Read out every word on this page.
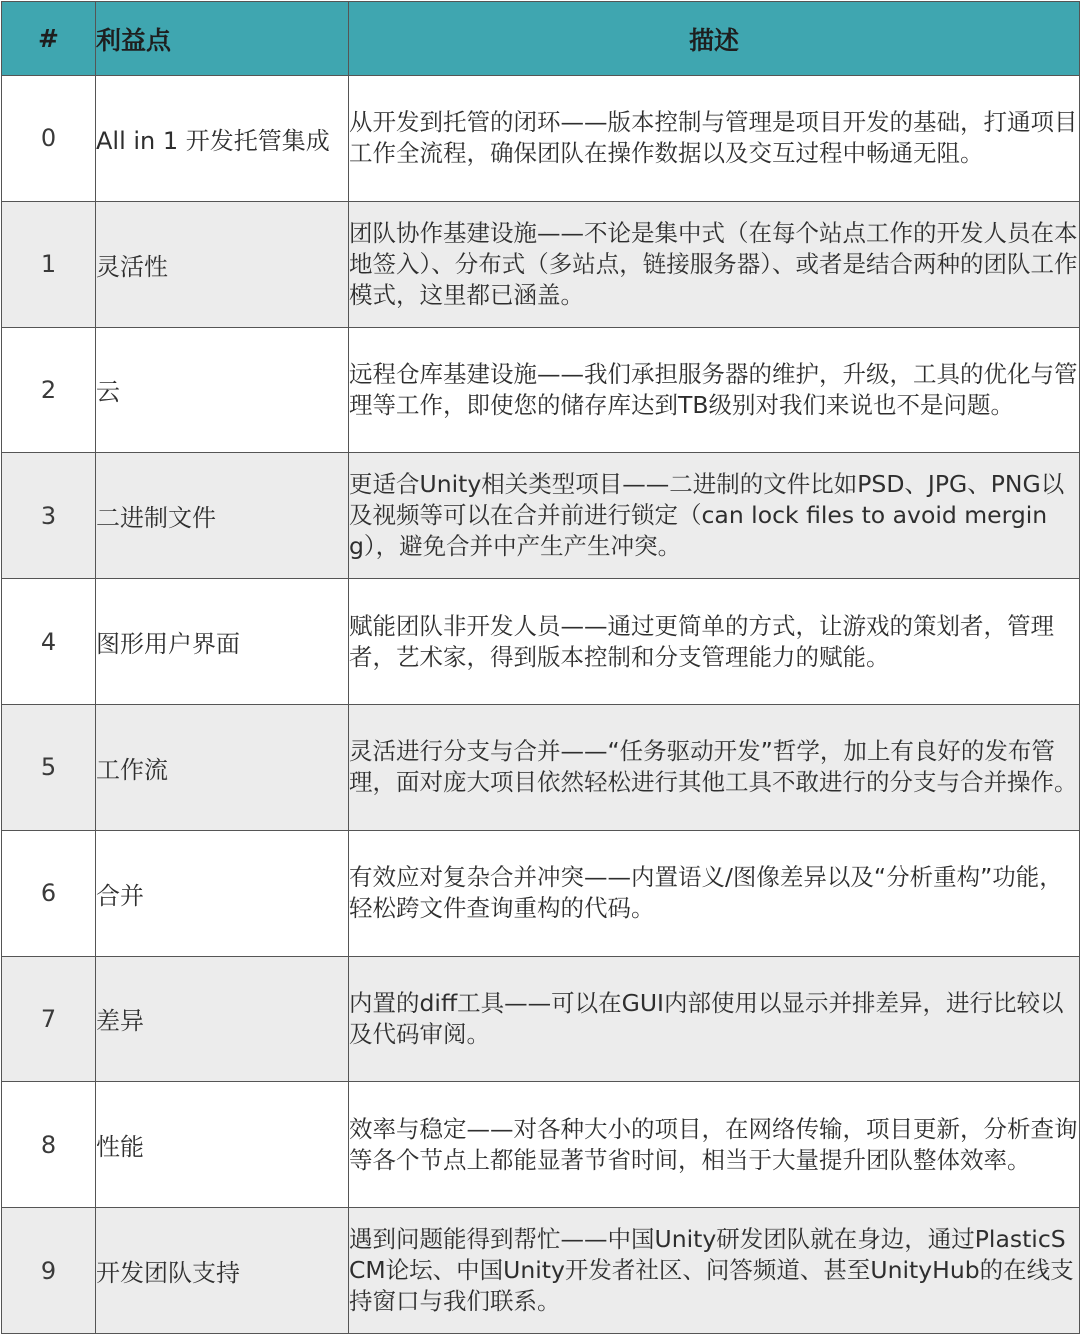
#	利益点	描述
0	All in 1 开发托管集成	从开发到托管的闭环——版本控制与管理是项目开发的基础，打通项目工作全流程，确保团队在操作数据以及交互过程中畅通无阻。

1	灵活性	团队协作基建设施——不论是集中式（在每个站点工作的开发人员在本地签入）、分布式（多站点，链接服务器）、或者是结合两种的团队工作模式，这里都已涵盖。

2	云	远程仓库基建设施——我们承担服务器的维护，升级，工具的优化与管理等工作，即使您的储存库达到TB级别对我们来说也不是问题。

3	二进制文件	更适合Unity相关类型项目——二进制的文件比如PSD、JPG、PNG以及视频等可以在合并前进行锁定（can lock files to avoid merging），避免合并中产生产生冲突。

4	图形用户界面	赋能团队非开发人员——通过更简单的方式，让游戏的策划者，管理者，艺术家，得到版本控制和分支管理能力的赋能。

5	工作流	灵活进行分支与合并——“任务驱动开发”哲学，加上有良好的发布管理，面对庞大项目依然轻松进行其他工具不敢进行的分支与合并操作。

6	合并	有效应对复杂合并冲突——内置语义/图像差异以及“分析重构”功能，轻松跨文件查询重构的代码。

7	差异	内置的diff工具——可以在GUI内部使用以显示并排差异，进行比较以及代码审阅。

8	性能	效率与稳定——对各种大小的项目，在网络传输，项目更新，分析查询等各个节点上都能显著节省时间，相当于大量提升团队整体效率。

9	开发团队支持	遇到问题能得到帮忙——中国Unity研发团队就在身边，通过PlasticSCM论坛、中国Unity开发者社区、问答频道、甚至UnityHub的在线支持窗口与我们联系。
